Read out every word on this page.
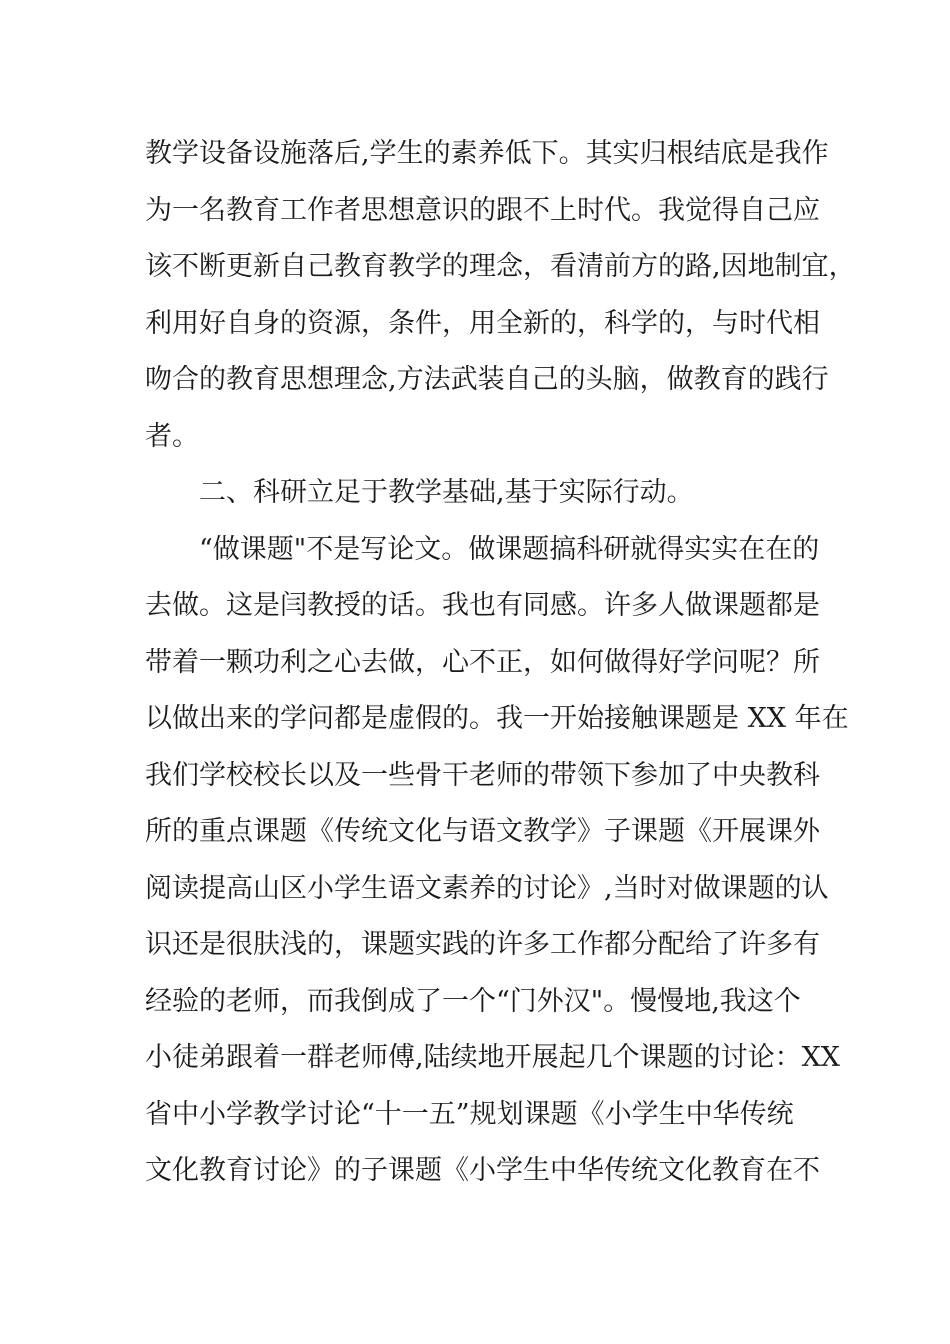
教学设备设施落后,学生的素养低下。其实归根结底是我作
为一名教育工作者思想意识的跟不上时代。我觉得自己应
该不断更新自己教育教学的理念，看清前方的路,因地制宜，
利用好自身的资源，条件，用全新的，科学的，与时代相
吻合的教育思想理念,方法武装自己的头脑，做教育的践行
者。
二、科研立足于教学基础,基于实际行动。
“做课题"不是写论文。做课题搞科研就得实实在在的
去做。这是闫教授的话。我也有同感。许多人做课题都是
带着一颗功利之心去做，心不正，如何做得好学问呢？所
以做出来的学问都是虚假的。我一开始接触课题是 XX 年在
我们学校校长以及一些骨干老师的带领下参加了中央教科
所的重点课题《传统文化与语文教学》子课题《开展课外
阅读提高山区小学生语文素养的讨论》,当时对做课题的认
识还是很肤浅的，课题实践的许多工作都分配给了许多有
经验的老师，而我倒成了一个“门外汉"。慢慢地,我这个
小徒弟跟着一群老师傅,陆续地开展起几个课题的讨论：XX
省中小学教学讨论“十一五”规划课题《小学生中华传统
文化教育讨论》的子课题《小学生中华传统文化教育在不
